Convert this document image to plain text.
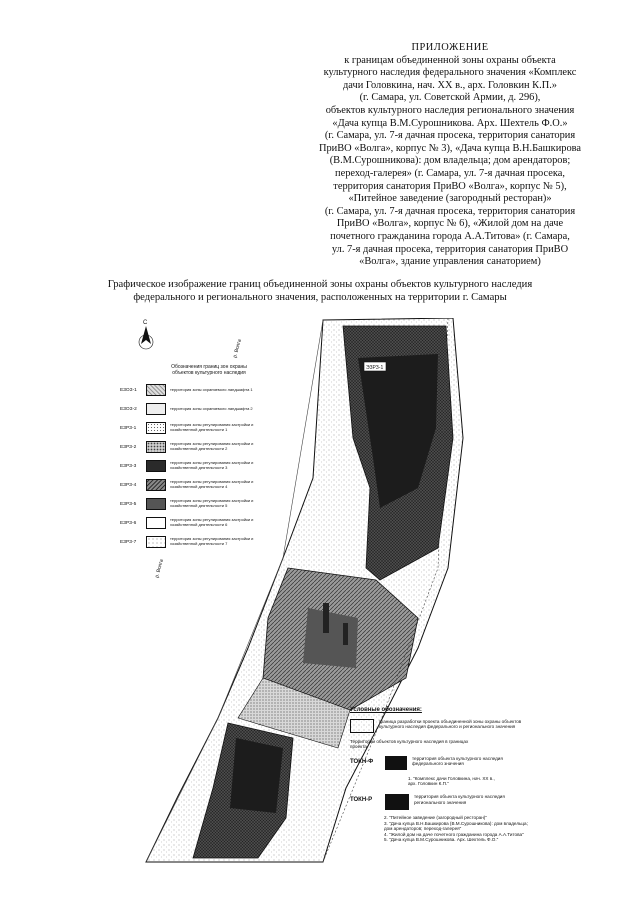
ПРИЛОЖЕНИЕ
к границам объединенной зоны охраны объекта
культурного наследия федерального значения «Комплекс
дачи Головкина, нач. XX в., арх. Головкин К.П.»
(г. Самара, ул. Советской Армии, д. 296),
объектов культурного наследия регионального значения
«Дача купца В.М.Сурошникова. Арх. Шехтель Ф.О.»
(г. Самара, ул. 7-я дачная просека, территория санатория
ПриВО «Волга», корпус № 3), «Дача купца В.Н.Башкирова
(В.М.Сурошникова): дом владельца; дом арендаторов;
переход-галерея» (г. Самара, ул. 7-я дачная просека,
территория санатория ПриВО «Волга», корпус № 5),
«Питейное заведение (загородный ресторан)»
(г. Самара, ул. 7-я дачная просека, территория санатория
ПриВО «Волга», корпус № 6), «Жилой дом на даче
почетного гражданина города А.А.Титова» (г. Самара,
ул. 7-я дачная просека, территория санатория ПриВО
«Волга», здание управления санаторием)
Графическое изображение границ объединенной зоны охраны объектов культурного наследия
федерального и регионального значения, расположенных на территории г. Самары
ЭЗРЗ-1
С
р. Волга
р. Волга
Обозначения границ зон охраны
объектов культурного наследия
ЕЗОЗ-1	территория зоны охраняемого ландшафта 1
ЕЗОЗ-2	территория зоны охраняемого ландшафта 2
ЕЗРЗ-1
территория зоны регулирования застройки и хозяйственной деятельности 1
ЕЗРЗ-2
территория зоны регулирования застройки и хозяйственной деятельности 2
ЕЗРЗ-3
территория зоны регулирования застройки и хозяйственной деятельности 3
ЕЗРЗ-4
территория зоны регулирования застройки и хозяйственной деятельности 4
ЕЗРЗ-5
территория зоны регулирования застройки и хозяйственной деятельности 5
ЕЗРЗ-6
территория зоны регулирования застройки и хозяйственной деятельности 6
ЕЗРЗ-7
территория зоны регулирования застройки и хозяйственной деятельности 7
Условные обозначения:
граница разработки проекта объединенной зоны охраны объектов культурного наследия федерального и регионального значения
Территории объектов культурного наследия в границах проекта
ТОКН-Ф
территория объекта культурного наследия федерального значения
1. "Комплекс дачи Головкина, нач. XX в., арх. Головкин К.П."
ТОКН-Р
территория объекта культурного наследия регионального значения
2. "Питейное заведение (загородный ресторан)"
3. "Дача купца В.Н.Башкирова (В.М.Сурошникова): дом владельца; дом арендаторов; переход-галерея"
4. "Жилой дом на даче почетного гражданина города А.А.Титова"
5. "Дача купца В.М.Сурошникова. Арх. Шехтель Ф.О."
